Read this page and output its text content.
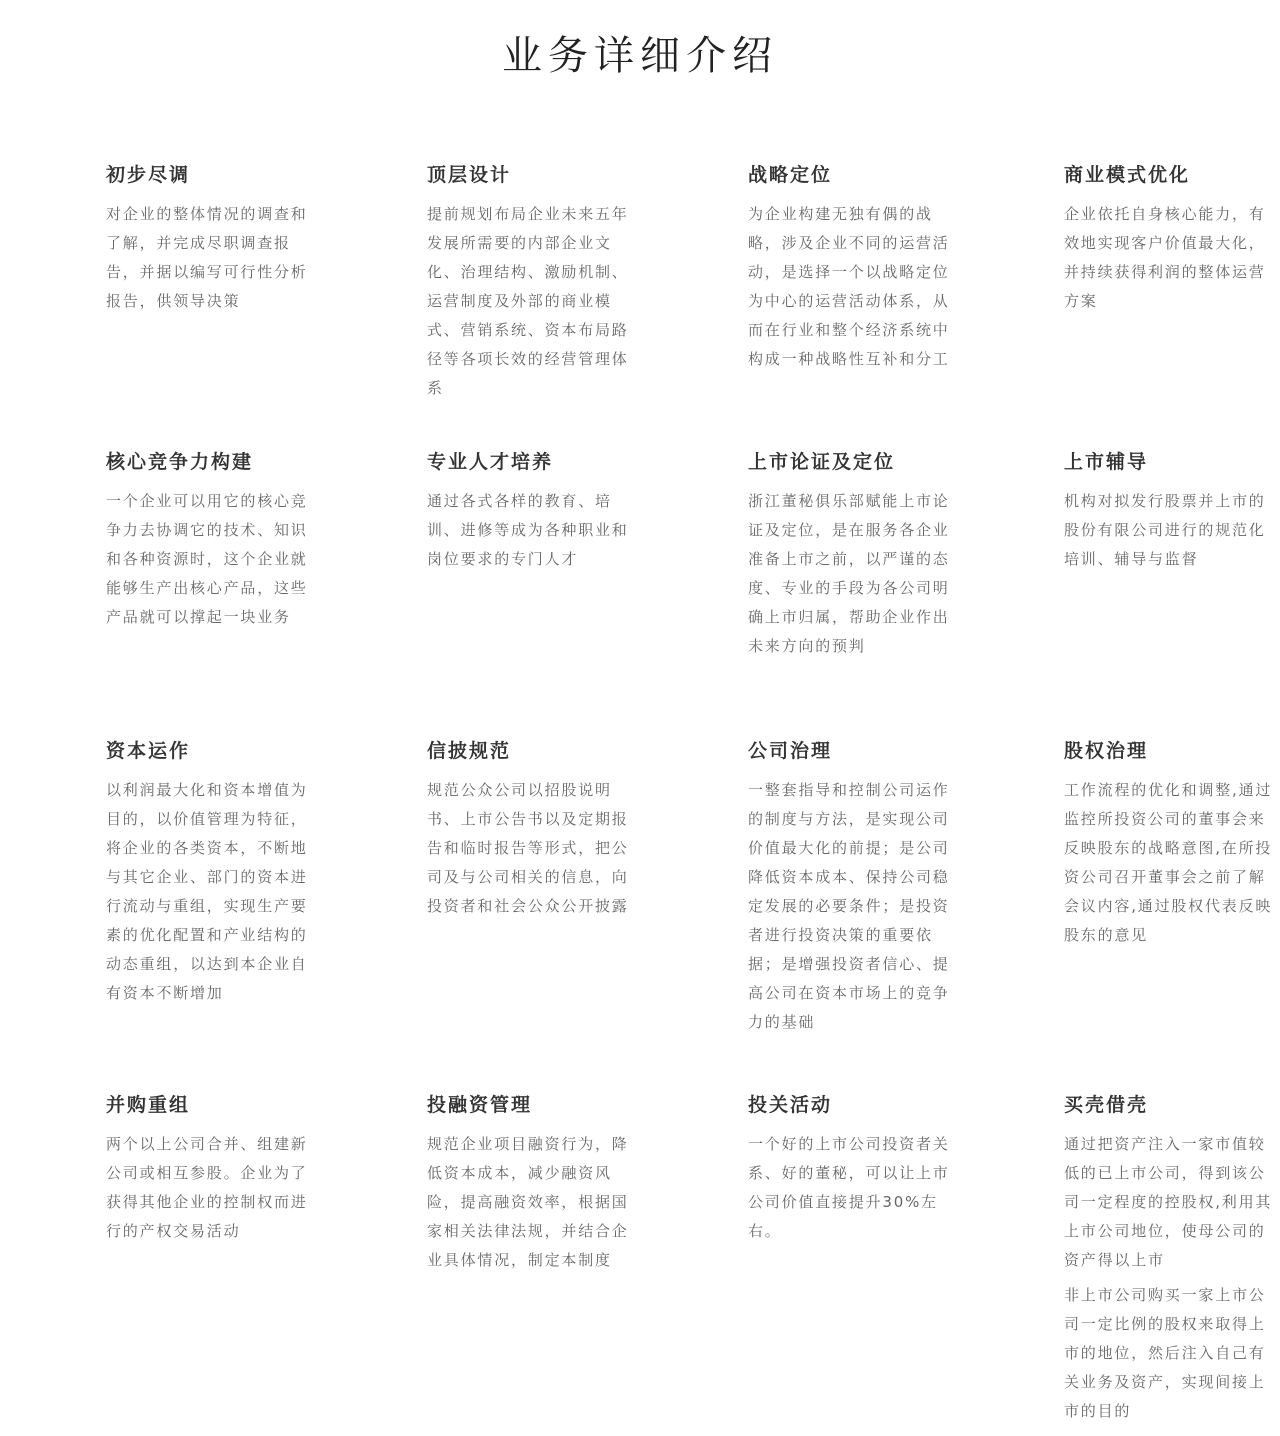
业务详细介绍
初步尽调

对企业的整体情况的调查和了解，并完成尽职调查报告，并据以编写可行性分析报告，供领导决策

顶层设计

提前规划布局企业未来五年发展所需要的内部企业文化、治理结构、激励机制、运营制度及外部的商业模式、营销系统、资本布局路径等各项长效的经营管理体系

战略定位

为企业构建无独有偶的战略，涉及企业不同的运营活动，是选择一个以战略定位为中心的运营活动体系，从而在行业和整个经济系统中构成一种战略性互补和分工

商业模式优化

企业依托自身核心能力，有效地实现客户价值最大化，并持续获得利润的整体运营方案

核心竞争力构建

一个企业可以用它的核心竞争力去协调它的技术、知识和各种资源时，这个企业就能够生产出核心产品，这些产品就可以撑起一块业务

专业人才培养

通过各式各样的教育、培训、进修等成为各种职业和岗位要求的专门人才

上市论证及定位

浙江董秘俱乐部赋能上市论证及定位，是在服务各企业准备上市之前，以严谨的态度、专业的手段为各公司明确上市归属，帮助企业作出未来方向的预判

上市辅导

机构对拟发行股票并上市的股份有限公司进行的规范化培训、辅导与监督

资本运作

以利润最大化和资本增值为目的，以价值管理为特征，将企业的各类资本，不断地与其它企业、部门的资本进行流动与重组，实现生产要素的优化配置和产业结构的动态重组，以达到本企业自有资本不断增加

信披规范

规范公众公司以招股说明书、上市公告书以及定期报告和临时报告等形式，把公司及与公司相关的信息，向投资者和社会公众公开披露

公司治理

一整套指导和控制公司运作的制度与方法，是实现公司价值最大化的前提；是公司降低资本成本、保持公司稳定发展的必要条件；是投资者进行投资决策的重要依据；是增强投资者信心、提高公司在资本市场上的竞争力的基础

股权治理

工作流程的优化和调整,通过监控所投资公司的董事会来反映股东的战略意图,在所投资公司召开董事会之前了解会议内容,通过股权代表反映股东的意见

并购重组

两个以上公司合并、组建新公司或相互参股。企业为了获得其他企业的控制权而进行的产权交易活动

投融资管理

规范企业项目融资行为，降低资本成本，减少融资风险，提高融资效率，根据国家相关法律法规，并结合企业具体情况，制定本制度

投关活动

一个好的上市公司投资者关系、好的董秘，可以让上市公司价值直接提升30%左右。

买壳借壳

通过把资产注入一家市值较低的已上市公司，得到该公司一定程度的控股权,利用其上市公司地位，使母公司的资产得以上市

非上市公司购买一家上市公司一定比例的股权来取得上市的地位，然后注入自己有关业务及资产，实现间接上市的目的
